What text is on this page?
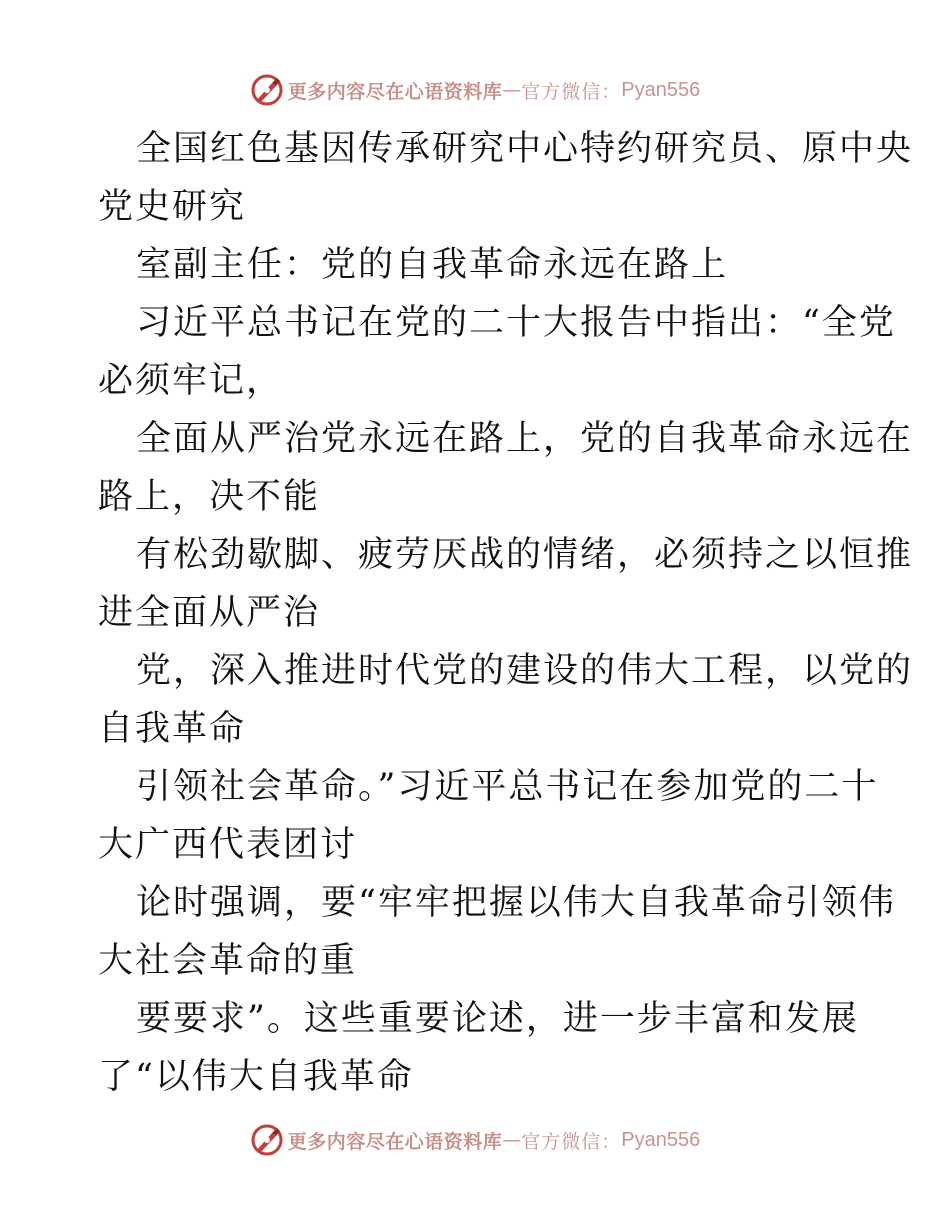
更多内容尽在心语资料库 — 官方微信： Pyan556
全国红色基因传承研究中心特约研究员、原中央
党史研究
室副主任：党的自我革命永远在路上
习近平总书记在党的二十大报告中指出：“全党
必须牢记，
全面从严治党永远在路上，党的自我革命永远在
路上，决不能
有松劲歇脚、疲劳厌战的情绪，必须持之以恒推
进全面从严治
党，深入推进时代党的建设的伟大工程，以党的
自我革命
引领社会革命。”习近平总书记在参加党的二十
大广西代表团讨
论时强调，要“牢牢把握以伟大自我革命引领伟
大社会革命的重
要要求”。这些重要论述，进一步丰富和发展
了“以伟大自我革命
更多内容尽在心语资料库 — 官方微信： Pyan556
